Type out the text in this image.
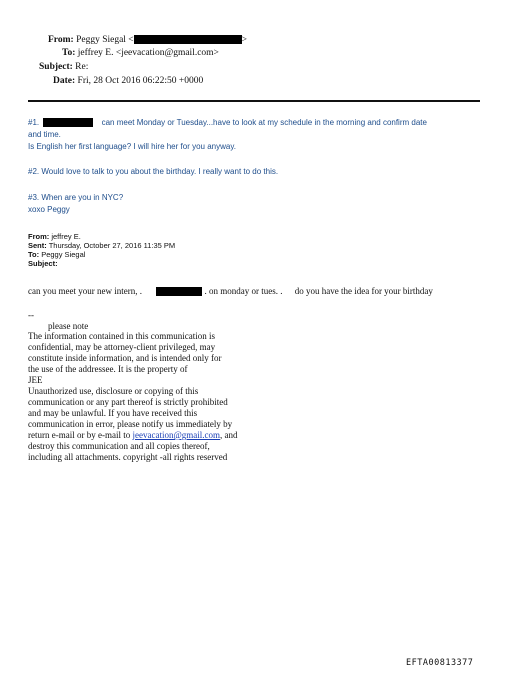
From: Peggy Siegal <	>
To: jeffrey E. <jeevacation@gmail.com>
Subject: Re:
Date: Fri, 28 Oct 2016 06:22:50 +0000
#1.	can meet Monday or Tuesday...have to look at my schedule in the morning and confirm date
and time.
Is English her first language? I will hire her for you anyway.
#2. Would love to talk to you about the birthday. I really want to do this.
#3. When are you in NYC?
xoxo Peggy
From: jeffrey E.
Sent: Thursday, October 27, 2016 11:35 PM
To: Peggy Siegal
Subject:
can you meet your new intern, .	. on monday or tues. . do you have the idea for your birthday
--
please note
The information contained in this communication is
confidential, may be attorney-client privileged, may
constitute inside information, and is intended only for
the use of the addressee. It is the property of
JEE
Unauthorized use, disclosure or copying of this
communication or any part thereof is strictly prohibited
and may be unlawful. If you have received this
communication in error, please notify us immediately by
return e-mail or by e-mail to jeevacation@gmail.com, and
destroy this communication and all copies thereof,
including all attachments. copyright -all rights reserved
EFTA00813377
